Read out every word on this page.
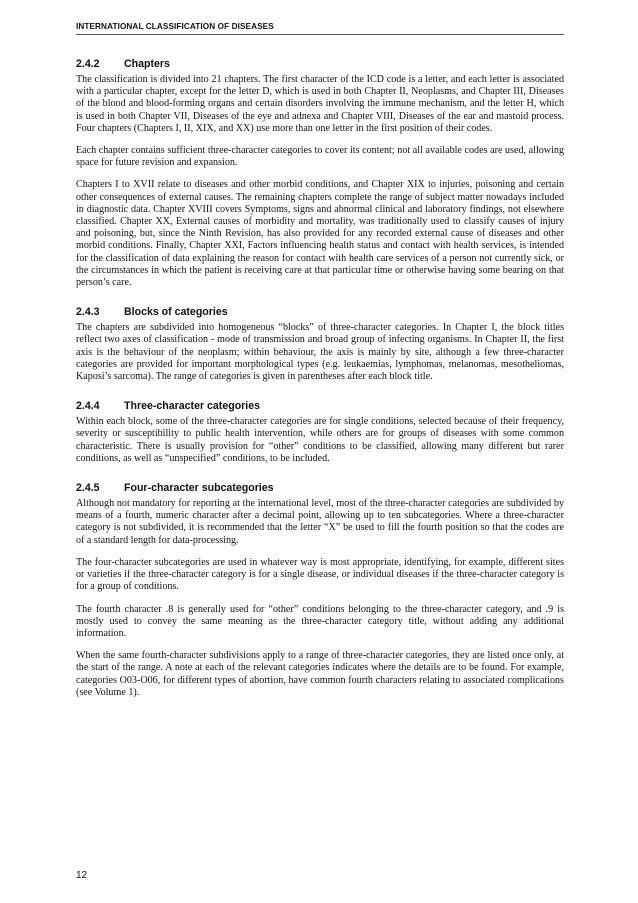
INTERNATIONAL CLASSIFICATION OF DISEASES
2.4.2	Chapters

The classification is divided into 21 chapters. The first character of the ICD code is a letter, and each letter is associated with a particular chapter, except for the letter D, which is used in both Chapter II, Neoplasms, and Chapter III, Diseases of the blood and blood-forming organs and certain disorders involving the immune mechanism, and the letter H, which is used in both Chapter VII, Diseases of the eye and adnexa and Chapter VIII, Diseases of the ear and mastoid process. Four chapters (Chapters I, II, XIX, and XX) use more than one letter in the first position of their codes.

Each chapter contains sufficient three-character categories to cover its content; not all available codes are used, allowing space for future revision and expansion.

Chapters I to XVII relate to diseases and other morbid conditions, and Chapter XIX to injuries, poisoning and certain other consequences of external causes. The remaining chapters complete the range of subject matter nowadays included in diagnostic data. Chapter XVIII covers Symptoms, signs and abnormal clinical and laboratory findings, not elsewhere classified. Chapter XX, External causes of morbidity and mortality, was traditionally used to classify causes of injury and poisoning, but, since the Ninth Revision, has also provided for any recorded external cause of diseases and other morbid conditions. Finally, Chapter XXI, Factors influencing health status and contact with health services, is intended for the classification of data explaining the reason for contact with health care services of a person not currently sick, or the circumstances in which the patient is receiving care at that particular time or otherwise having some bearing on that person’s care.

2.4.3	Blocks of categories

The chapters are subdivided into homogeneous “blocks” of three-character categories. In Chapter I, the block titles reflect two axes of classification - mode of transmission and broad group of infecting organisms. In Chapter II, the first axis is the behaviour of the neoplasm; within behaviour, the axis is mainly by site, although a few three-character categories are provided for important morphological types (e.g. leukaemias, lymphomas, melanomas, mesotheliomas, Kaposi’s sarcoma). The range of categories is given in parentheses after each block title.

2.4.4	Three-character categories

Within each block, some of the three-character categories are for single conditions, selected because of their frequency, severity or susceptibility to public health intervention, while others are for groups of diseases with some common characteristic. There is usually provision for “other” conditions to be classified, allowing many different but rarer conditions, as well as “unspecified” conditions, to be included.

2.4.5	Four-character subcategories

Although not mandatory for reporting at the international level, most of the three-character categories are subdivided by means of a fourth, numeric character after a decimal point, allowing up to ten subcategories. Where a three-character category is not subdivided, it is recommended that the letter “X” be used to fill the fourth position so that the codes are of a standard length for data-processing.

The four-character subcategories are used in whatever way is most appropriate, identifying, for example, different sites or varieties if the three-character category is for a single disease, or individual diseases if the three-character category is for a group of conditions.

The fourth character .8 is generally used for “other” conditions belonging to the three-character category, and .9 is mostly used to convey the same meaning as the three-character category title, without adding any additional information.

When the same fourth-character subdivisions apply to a range of three-character categories, they are listed once only, at the start of the range. A note at each of the relevant categories indicates where the details are to be found. For example, categories O03-O06, for different types of abortion, have common fourth characters relating to associated complications (see Volume 1).

12
